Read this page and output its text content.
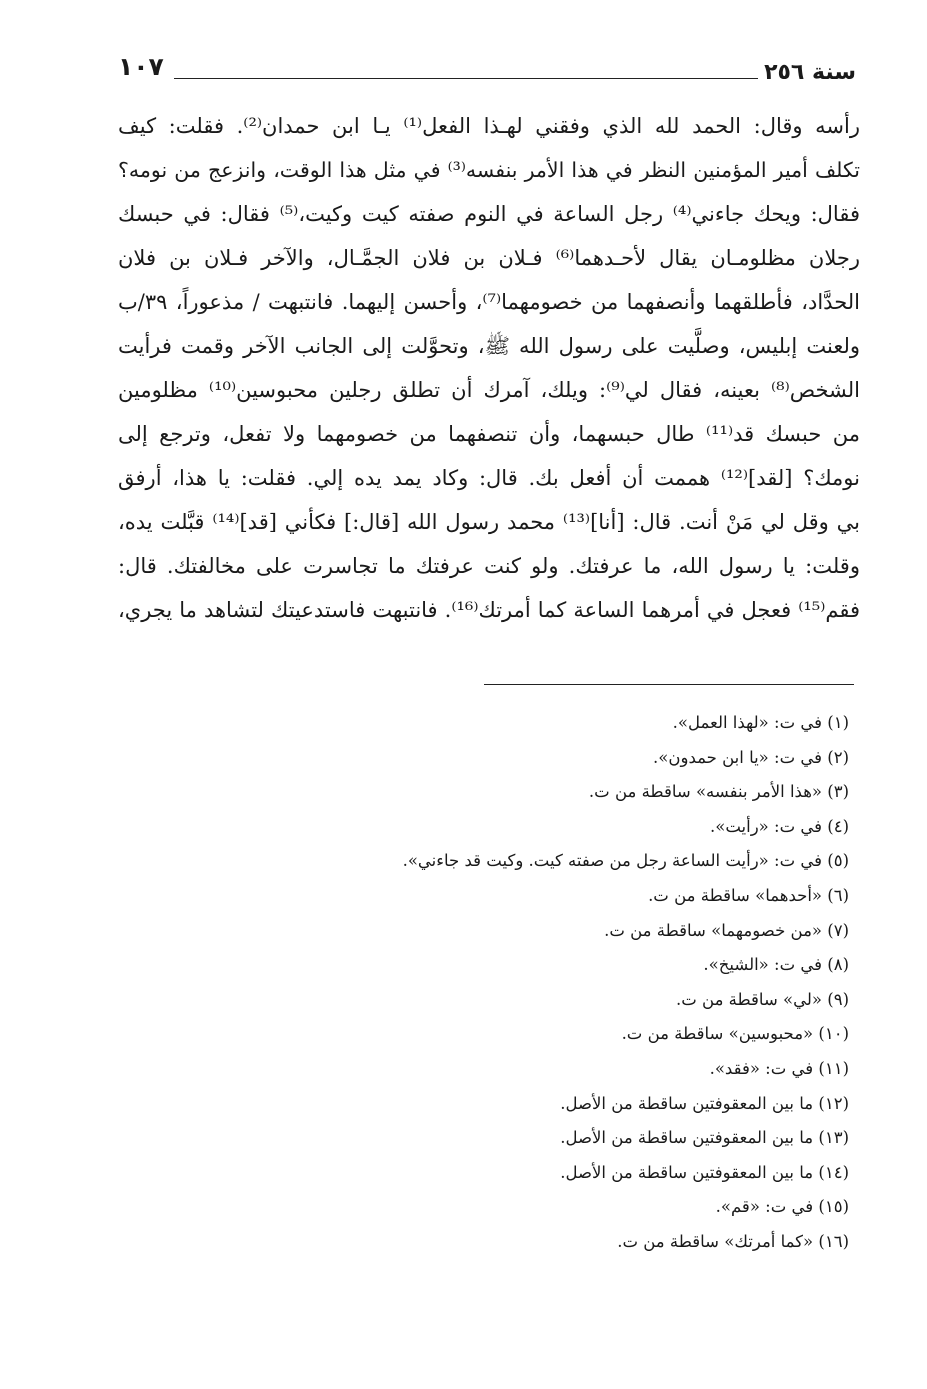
١٠٧	سنة ٢٥٦
رأسه وقال: الحمد لله الذي وفقني لهـذا الفعل⁽¹⁾ يـا ابن حمدان⁽²⁾. فقلت: كيف
تكلف أمير المؤمنين النظر في هذا الأمر بنفسه⁽³⁾ في مثل هذا الوقت، وانزعج من نومه؟
فقال: ويحك جاءني⁽⁴⁾ رجل الساعة في النوم صفته كيت وكيت،⁽⁵⁾ فقال: في حبسك
رجلان مظلومـان يقال لأحـدهما⁽⁶⁾ فـلان بن فلان الجمَّـال، والآخر فـلان بن فلان
الحدَّاد، فأطلقهما وأنصفهما من خصومهما⁽⁷⁾، وأحسن إليهما. فانتبهت / مذعوراً، ٣٩/ب
ولعنت إبليس، وصلَّيت على رسول الله ﷺ، وتحوَّلت إلى الجانب الآخر وقمت فرأيت
الشخص⁽⁸⁾ بعينه، فقال لي⁽⁹⁾: ويلك، آمرك أن تطلق رجلين محبوسين⁽¹⁰⁾ مظلومين
من حبسك قد⁽¹¹⁾ طال حبسهما، وأن تنصفهما من خصومهما ولا تفعل، وترجع إلى
نومك؟ [لقد]⁽¹²⁾ هممت أن أفعل بك. قال: وكاد يمد يده إلي. فقلت: يا هذا، أرفق
بي وقل لي مَنْ أنت. قال: [أنا]⁽¹³⁾ محمد رسول الله [قال:] فكأني [قد]⁽¹⁴⁾ قبَّلت يده،
وقلت: يا رسول الله، ما عرفتك. ولو كنت عرفتك ما تجاسرت على مخالفتك. قال:
فقم⁽¹⁵⁾ فعجل في أمرهما الساعة كما أمرتك⁽¹⁶⁾. فانتبهت فاستدعيتك لتشاهد ما يجري،
(١) في ت: «لهذا العمل».
(٢) في ت: «يا ابن حمدون».
(٣) «هذا الأمر بنفسه» ساقطة من ت.
(٤) في ت: «رأيت».
(٥) في ت: «رأيت الساعة رجل من صفته كيت. وكيت قد جاءني».
(٦) «أحدهما» ساقطة من ت.
(٧) «من خصومهما» ساقطة من ت.
(٨) في ت: «الشيخ».
(٩) «لي» ساقطة من ت.
(١٠) «محبوسين» ساقطة من ت.
(١١) في ت: «فقد».
(١٢) ما بين المعقوفتين ساقطة من الأصل.
(١٣) ما بين المعقوفتين ساقطة من الأصل.
(١٤) ما بين المعقوفتين ساقطة من الأصل.
(١٥) في ت: «قم».
(١٦) «كما أمرتك» ساقطة من ت.
